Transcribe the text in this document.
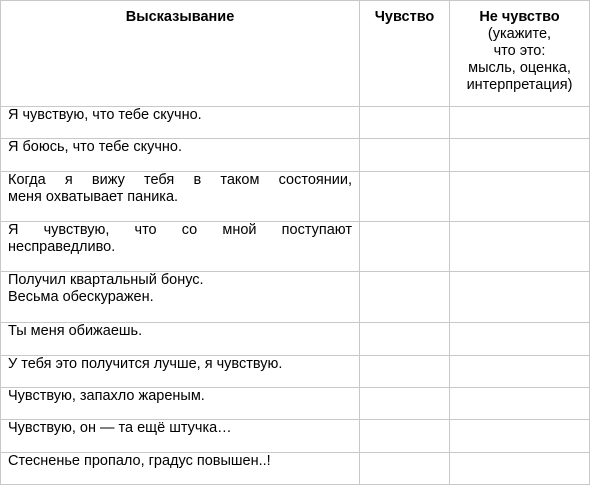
Высказывание	Чувство	Не чувство
(укажите,
что это:
мысль, оценка,
интерпретация)

Я чувствую, что тебе скучно.		

Я боюсь, что тебе скучно.		

Когда я вижу тебя в таком состоянии,
меня охватывает паника.		

Я чувствую, что со мной поступают
несправедливо.		

Получил квартальный бонус.
Весьма обескуражен.		

Ты меня обижаешь.		

У тебя это получится лучше, я чувствую.		

Чувствую, запахло жареным.		

Чувствую, он — та ещё штучка…		

Стесненье пропало, градус повышен..!		
